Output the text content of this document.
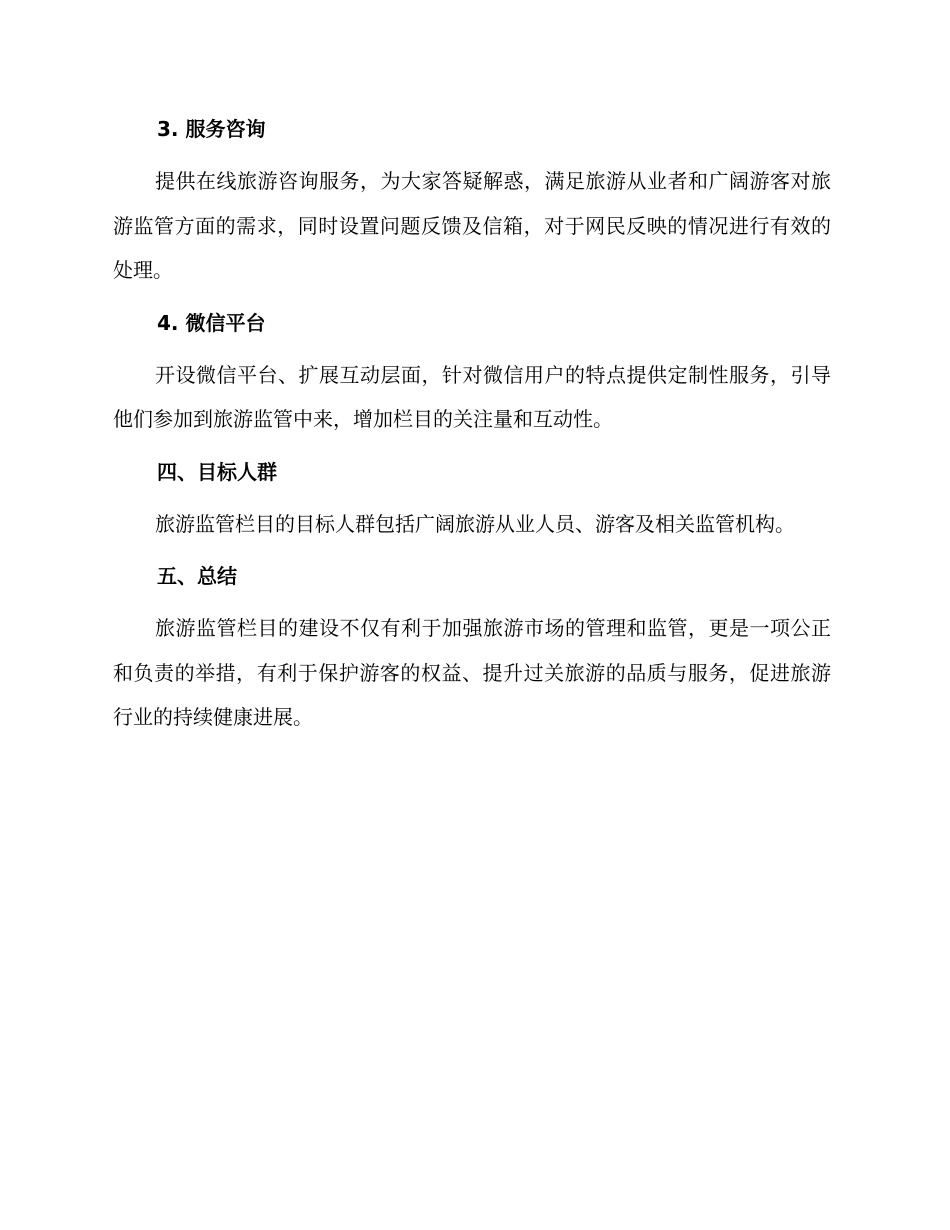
3. 服务咨询

提供在线旅游咨询服务，为大家答疑解惑，满足旅游从业者和广阔游客对旅游监管方面的需求，同时设置问题反馈及信箱，对于网民反映的情况进行有效的处理。

4. 微信平台

开设微信平台、扩展互动层面，针对微信用户的特点提供定制性服务，引导他们参加到旅游监管中来，增加栏目的关注量和互动性。

四、目标人群

旅游监管栏目的目标人群包括广阔旅游从业人员、游客及相关监管机构。

五、总结

旅游监管栏目的建设不仅有利于加强旅游市场的管理和监管，更是一项公正和负责的举措，有利于保护游客的权益、提升过关旅游的品质与服务，促进旅游行业的持续健康进展。
